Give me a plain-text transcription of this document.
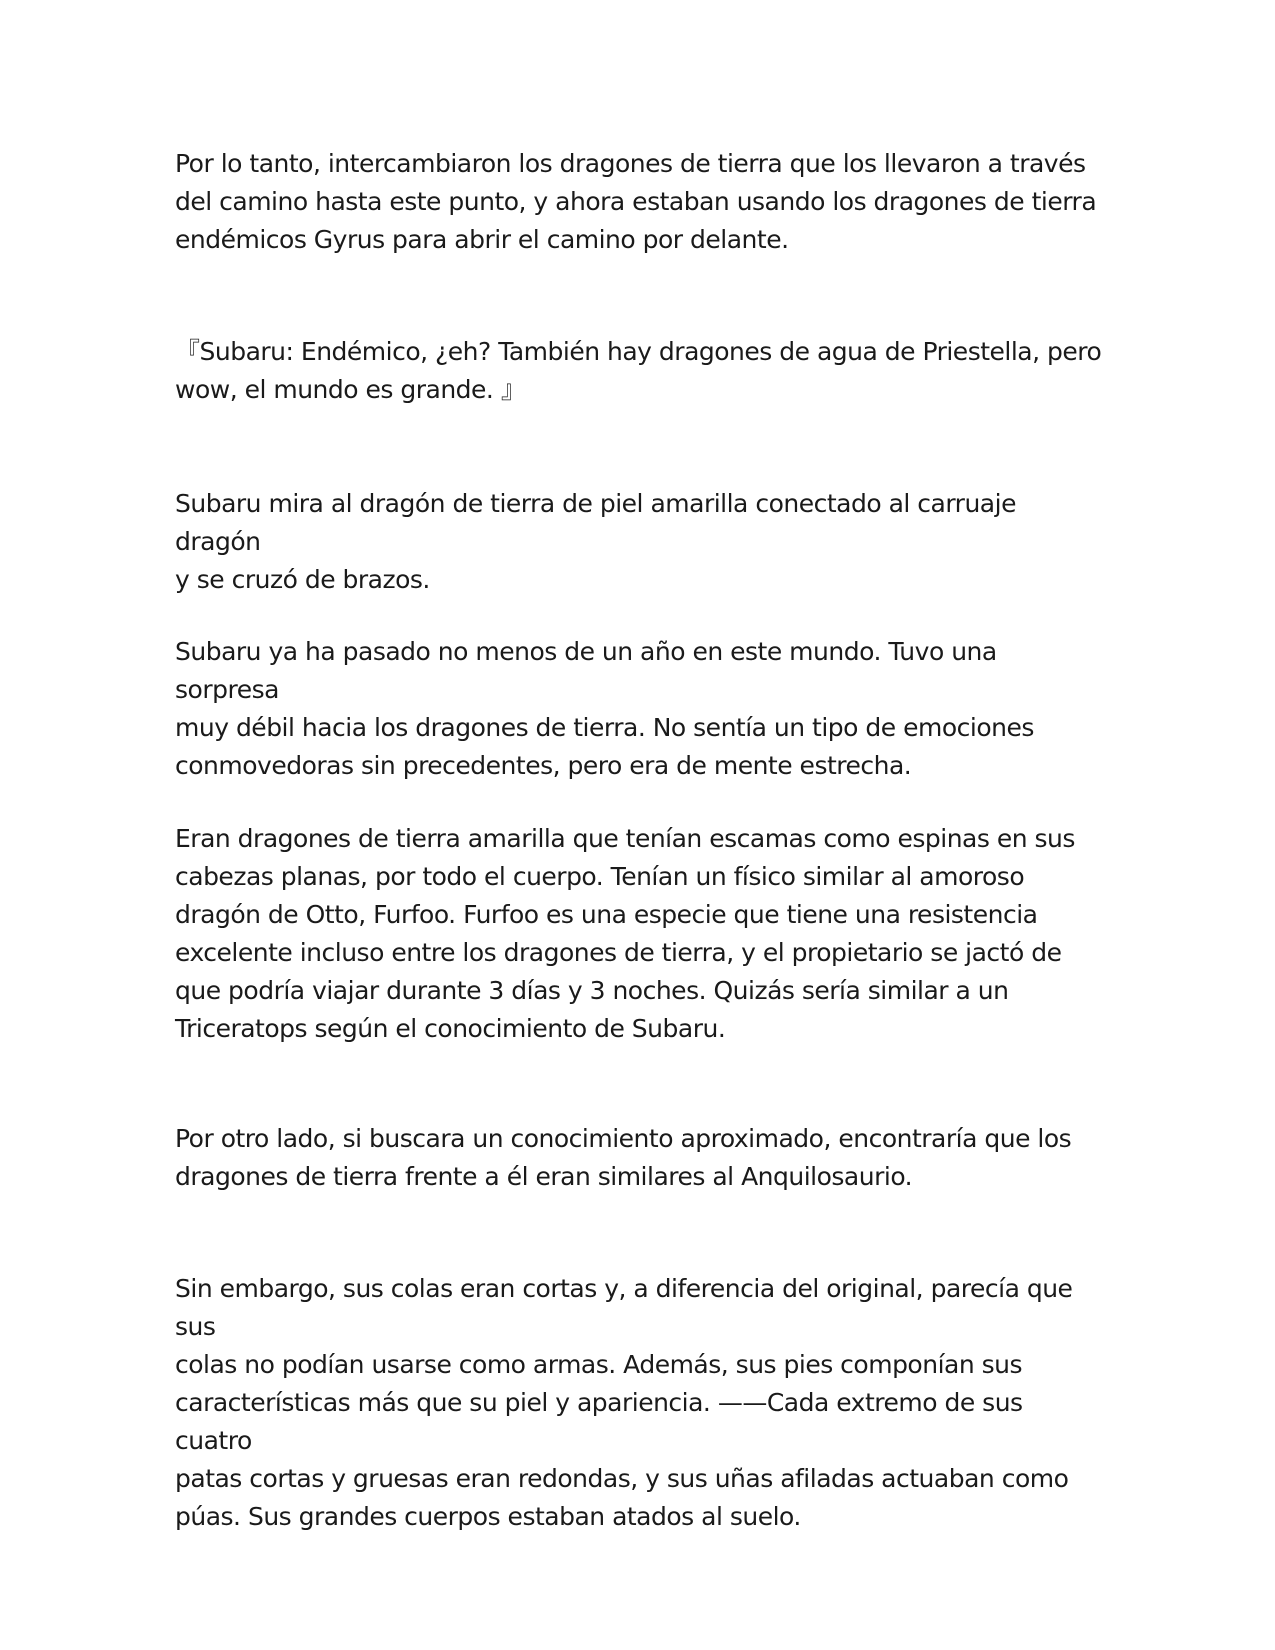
Por lo tanto, intercambiaron los dragones de tierra que los llevaron a través
del camino hasta este punto, y ahora estaban usando los dragones de tierra
endémicos Gyrus para abrir el camino por delante.

『Subaru: Endémico, ¿eh? También hay dragones de agua de Priestella, pero
wow, el mundo es grande. 』

Subaru mira al dragón de tierra de piel amarilla conectado al carruaje dragón
y se cruzó de brazos.

Subaru ya ha pasado no menos de un año en este mundo. Tuvo una sorpresa
muy débil hacia los dragones de tierra. No sentía un tipo de emociones
conmovedoras sin precedentes, pero era de mente estrecha.

Eran dragones de tierra amarilla que tenían escamas como espinas en sus
cabezas planas, por todo el cuerpo. Tenían un físico similar al amoroso
dragón de Otto, Furfoo. Furfoo es una especie que tiene una resistencia
excelente incluso entre los dragones de tierra, y el propietario se jactó de
que podría viajar durante 3 días y 3 noches. Quizás sería similar a un
Triceratops según el conocimiento de Subaru.

Por otro lado, si buscara un conocimiento aproximado, encontraría que los
dragones de tierra frente a él eran similares al Anquilosaurio.

Sin embargo, sus colas eran cortas y, a diferencia del original, parecía que sus
colas no podían usarse como armas. Además, sus pies componían sus
características más que su piel y apariencia. ——Cada extremo de sus cuatro
patas cortas y gruesas eran redondas, y sus uñas afiladas actuaban como
púas. Sus grandes cuerpos estaban atados al suelo.
